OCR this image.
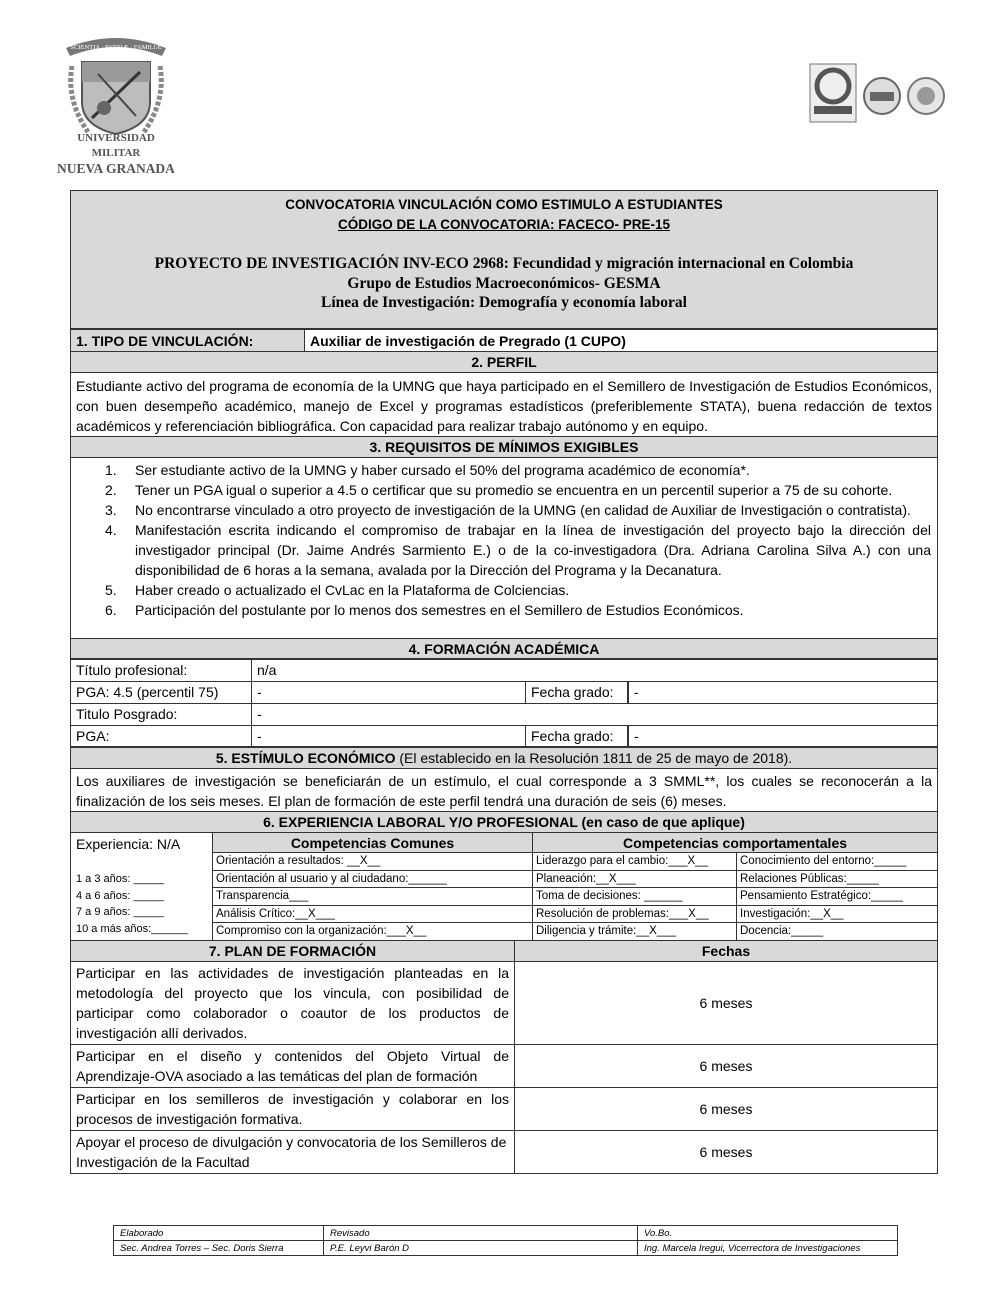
SCIENTIA · PATRIÆ · FAMILIÆ
UNIVERSIDAD MILITAR
NUEVA GRANADA
CONVOCATORIA VINCULACIÓN COMO ESTIMULO A ESTUDIANTES
CÓDIGO DE LA CONVOCATORIA: FACECO- PRE-15
PROYECTO DE INVESTIGACIÓN INV-ECO 2968: Fecundidad y migración internacional en Colombia
Grupo de Estudios Macroeconómicos- GESMA
Línea de Investigación: Demografía y economía laboral
1. TIPO DE VINCULACIÓN:	Auxiliar de investigación de Pregrado (1 CUPO)
2. PERFIL
Estudiante activo del programa de economía de la UMNG que haya participado en el Semillero de Investigación de Estudios Económicos, con buen desempeño académico, manejo de Excel y programas estadísticos (preferiblemente STATA), buena redacción de textos académicos y referenciación bibliográfica. Con capacidad para realizar trabajo autónomo y en equipo.
3. REQUISITOS DE MÍNIMOS EXIGIBLES
1.	Ser estudiante activo de la UMNG y haber cursado el 50% del programa académico de economía*.
2.	Tener un PGA igual o superior a 4.5 o certificar que su promedio se encuentra en un percentil superior a 75 de su cohorte.
3.	No encontrarse vinculado a otro proyecto de investigación de la UMNG (en calidad de Auxiliar de Investigación o contratista).
4.	Manifestación escrita indicando el compromiso de trabajar en la línea de investigación del proyecto bajo la dirección del investigador principal (Dr. Jaime Andrés Sarmiento E.) o de la co-investigadora (Dra. Adriana Carolina Silva A.) con una disponibilidad de 6 horas a la semana, avalada por la Dirección del Programa y la Decanatura.
5.	Haber creado o actualizado el CvLac en la Plataforma de Colciencias.
6.	Participación del postulante por lo menos dos semestres en el Semillero de Estudios Económicos.
4. FORMACIÓN ACADÉMICA
Título profesional:	n/a
PGA: 4.5 (percentil 75)	-	Fecha grado:	-
Titulo Posgrado:	-
PGA:	-	Fecha grado:	-
5. ESTÍMULO ECONÓMICO (El establecido en la Resolución 1811 de 25 de mayo de 2018).
Los auxiliares de investigación se beneficiarán de un estímulo, el cual corresponde a 3 SMML**, los cuales se reconocerán a la finalización de los seis meses. El plan de formación de este perfil tendrá una duración de seis (6) meses.
6. EXPERIENCIA LABORAL Y/O PROFESIONAL (en caso de que aplique)
Experiencia: N/A
1 a 3 años: _____
4 a 6 años: _____
7 a 9 años: _____
10 a más años:______
Competencias Comunes	Competencias comportamentales	
Orientación a resultados: __X__	Liderazgo para el cambio:___X__	Conocimiento del entorno:_____
Orientación al usuario y al ciudadano:______	Planeación:__X___	Relaciones Públicas:_____
Transparencia___	Toma de decisiones: ______	Pensamiento Estratégico:_____
Análisis Crítico:__X___	Resolución de problemas:___X__	Investigación:__X__
Compromiso con la organización:___X__	Diligencia y trámite:__X___	Docencia:_____
7. PLAN DE FORMACIÓN	Fechas
Participar en las actividades de investigación planteadas en la metodología del proyecto que los vincula, con posibilidad de participar como colaborador o coautor de los productos de investigación allí derivados.	6 meses
Participar en el diseño y contenidos del Objeto Virtual de Aprendizaje-OVA asociado a las temáticas del plan de formación	6 meses
Participar en los semilleros de investigación y colaborar en los procesos de investigación formativa.	6 meses
Apoyar el proceso de divulgación y convocatoria de los Semilleros de Investigación de la Facultad	6 meses
Elaborado	Revisado	Vo.Bo.
Sec. Andrea Torres – Sec. Doris Sierra	P.E. Leyvi Barón D	Ing. Marcela Iregui, Vicerrectora de Investigaciones
